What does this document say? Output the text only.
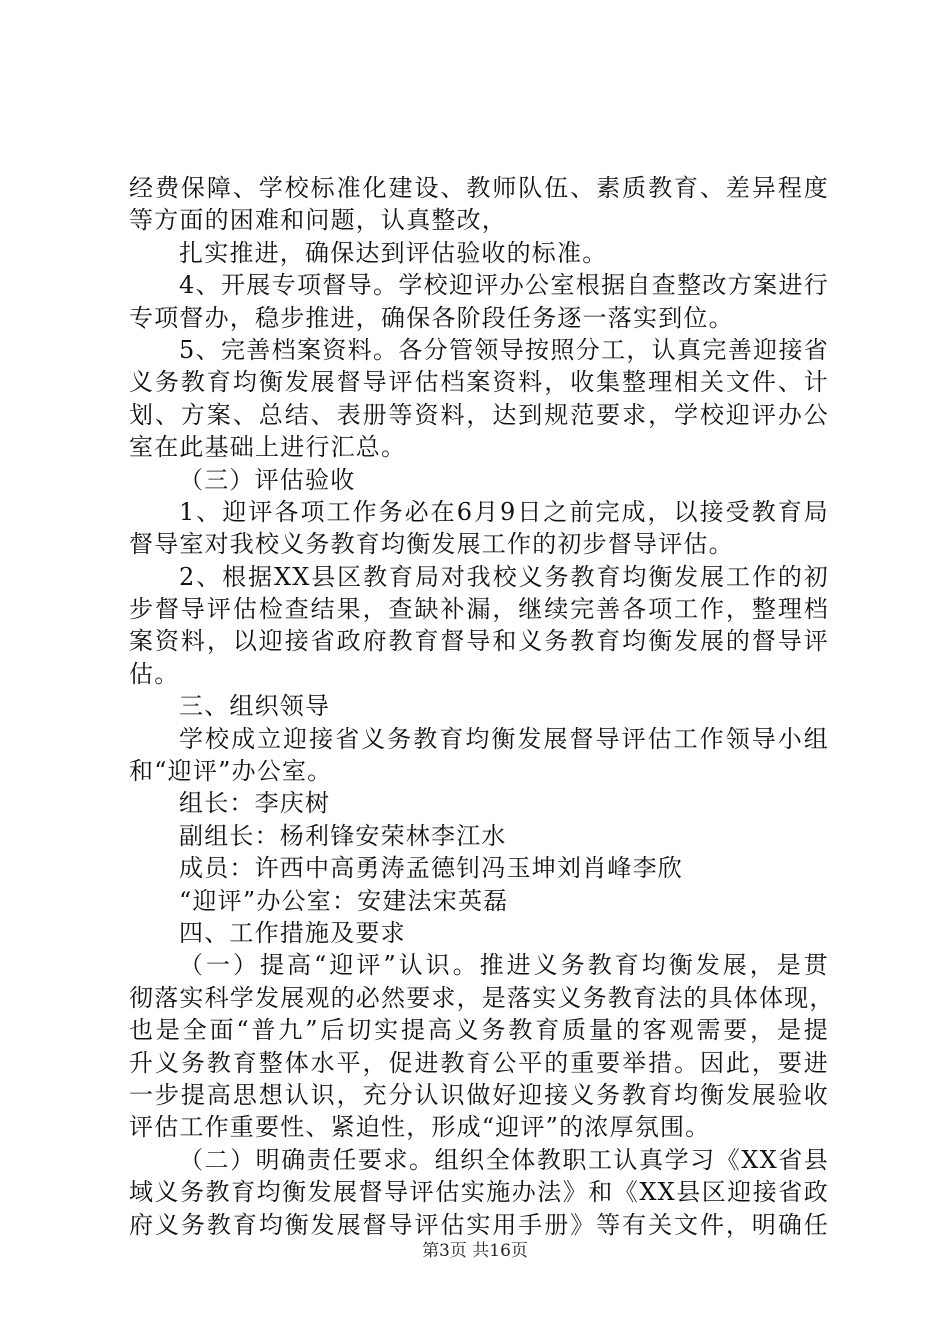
经费保障、学校标准化建设、教师队伍、素质教育、差异程度
等方面的困难和问题，认真整改，
扎实推进，确保达到评估验收的标准。
4、开展专项督导。学校迎评办公室根据自查整改方案进行
专项督办，稳步推进，确保各阶段任务逐一落实到位。
5、完善档案资料。各分管领导按照分工，认真完善迎接省
义务教育均衡发展督导评估档案资料，收集整理相关文件、计
划、方案、总结、表册等资料，达到规范要求，学校迎评办公
室在此基础上进行汇总。
（三）评估验收
1、迎评各项工作务必在6月9日之前完成，以接受教育局
督导室对我校义务教育均衡发展工作的初步督导评估。
2、根据XX县区教育局对我校义务教育均衡发展工作的初
步督导评估检查结果，查缺补漏，继续完善各项工作，整理档
案资料，以迎接省政府教育督导和义务教育均衡发展的督导评
估。
三、组织领导
学校成立迎接省义务教育均衡发展督导评估工作领导小组
和“迎评”办公室。
组长：李庆树
副组长：杨利锋安荣林李江水
成员：许西中高勇涛孟德钊冯玉坤刘肖峰李欣
“迎评”办公室：安建法宋英磊
四、工作措施及要求
（一）提高“迎评”认识。推进义务教育均衡发展，是贯
彻落实科学发展观的必然要求，是落实义务教育法的具体体现，
也是全面“普九”后切实提高义务教育质量的客观需要，是提
升义务教育整体水平，促进教育公平的重要举措。因此，要进
一步提高思想认识，充分认识做好迎接义务教育均衡发展验收
评估工作重要性、紧迫性，形成“迎评”的浓厚氛围。
（二）明确责任要求。组织全体教职工认真学习《XX省县
域义务教育均衡发展督导评估实施办法》和《XX县区迎接省政
府义务教育均衡发展督导评估实用手册》等有关文件，明确任
第3页 共16页
